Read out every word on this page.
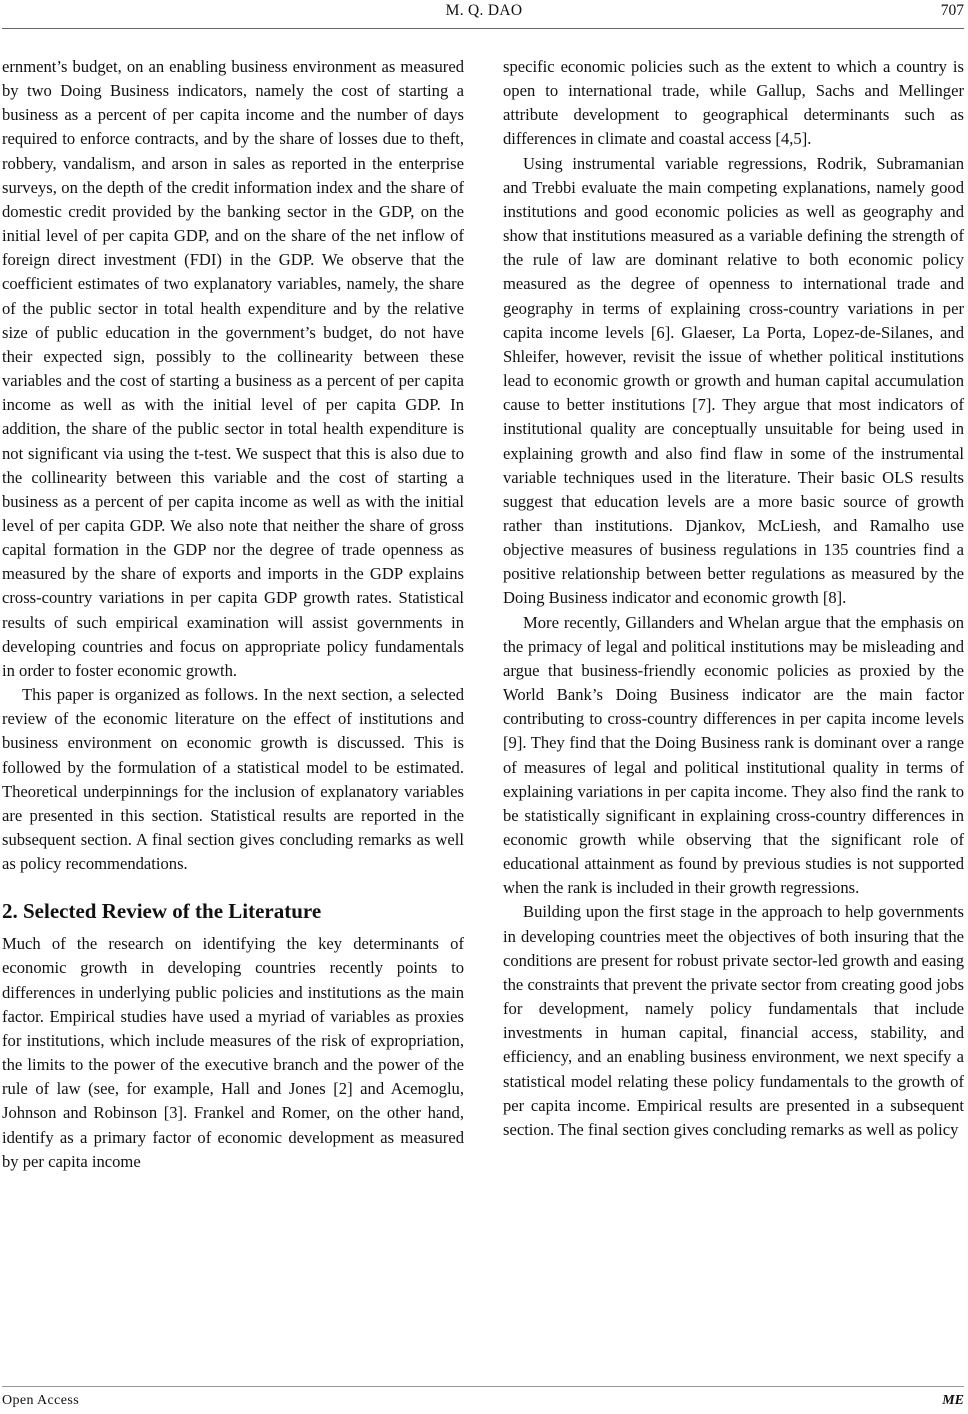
M. Q. DAO	707

ernment’s budget, on an enabling business environment as measured by two Doing Business indicators, namely the cost of starting a business as a percent of per capita income and the number of days required to enforce contracts, and by the share of losses due to theft, robbery, vandalism, and arson in sales as reported in the enterprise surveys, on the depth of the credit information index and the share of domestic credit provided by the banking sector in the GDP, on the initial level of per capita GDP, and on the share of the net inflow of foreign direct investment (FDI) in the GDP. We observe that the coefficient estimates of two explanatory variables, namely, the share of the public sector in total health expenditure and by the relative size of public education in the government’s budget, do not have their expected sign, possibly to the collinearity between these variables and the cost of starting a business as a percent of per capita income as well as with the initial level of per capita GDP. In addition, the share of the public sector in total health expenditure is not significant via using the t-test. We suspect that this is also due to the collinearity between this variable and the cost of starting a business as a percent of per capita income as well as with the initial level of per capita GDP. We also note that neither the share of gross capital formation in the GDP nor the degree of trade openness as measured by the share of exports and imports in the GDP explains cross-country variations in per capita GDP growth rates. Statistical results of such empirical examination will assist governments in developing countries and focus on appropriate policy fundamentals in order to foster economic growth.

This paper is organized as follows. In the next section, a selected review of the economic literature on the effect of institutions and business environment on economic growth is discussed. This is followed by the formulation of a statistical model to be estimated. Theoretical underpinnings for the inclusion of explanatory variables are presented in this section. Statistical results are reported in the subsequent section. A final section gives concluding remarks as well as policy recommendations.

2. Selected Review of the Literature

Much of the research on identifying the key determinants of economic growth in developing countries recently points to differences in underlying public policies and institutions as the main factor. Empirical studies have used a myriad of variables as proxies for institutions, which include measures of the risk of expropriation, the limits to the power of the executive branch and the power of the rule of law (see, for example, Hall and Jones [2] and Acemoglu, Johnson and Robinson [3]. Frankel and Romer, on the other hand, identify as a primary factor of economic development as measured by per capita income

specific economic policies such as the extent to which a country is open to international trade, while Gallup, Sachs and Mellinger attribute development to geographical determinants such as differences in climate and coastal access [4,5].

Using instrumental variable regressions, Rodrik, Subramanian and Trebbi evaluate the main competing explanations, namely good institutions and good economic policies as well as geography and show that institutions measured as a variable defining the strength of the rule of law are dominant relative to both economic policy measured as the degree of openness to international trade and geography in terms of explaining cross-country variations in per capita income levels [6]. Glaeser, La Porta, Lopez-de-Silanes, and Shleifer, however, revisit the issue of whether political institutions lead to economic growth or growth and human capital accumulation cause to better institutions [7]. They argue that most indicators of institutional quality are conceptually unsuitable for being used in explaining growth and also find flaw in some of the instrumental variable techniques used in the literature. Their basic OLS results suggest that education levels are a more basic source of growth rather than institutions. Djankov, McLiesh, and Ramalho use objective measures of business regulations in 135 countries find a positive relationship between better regulations as measured by the Doing Business indicator and economic growth [8].

More recently, Gillanders and Whelan argue that the emphasis on the primacy of legal and political institutions may be misleading and argue that business-friendly economic policies as proxied by the World Bank’s Doing Business indicator are the main factor contributing to cross-country differences in per capita income levels [9]. They find that the Doing Business rank is dominant over a range of measures of legal and political institutional quality in terms of explaining variations in per capita income. They also find the rank to be statistically significant in explaining cross-country differences in economic growth while observing that the significant role of educational attainment as found by previous studies is not supported when the rank is included in their growth regressions.

Building upon the first stage in the approach to help governments in developing countries meet the objectives of both insuring that the conditions are present for robust private sector-led growth and easing the constraints that prevent the private sector from creating good jobs for development, namely policy fundamentals that include investments in human capital, financial access, stability, and efficiency, and an enabling business environment, we next specify a statistical model relating these policy fundamentals to the growth of per capita income. Empirical results are presented in a subsequent section. The final section gives concluding remarks as well as policy

Open Access	ME
